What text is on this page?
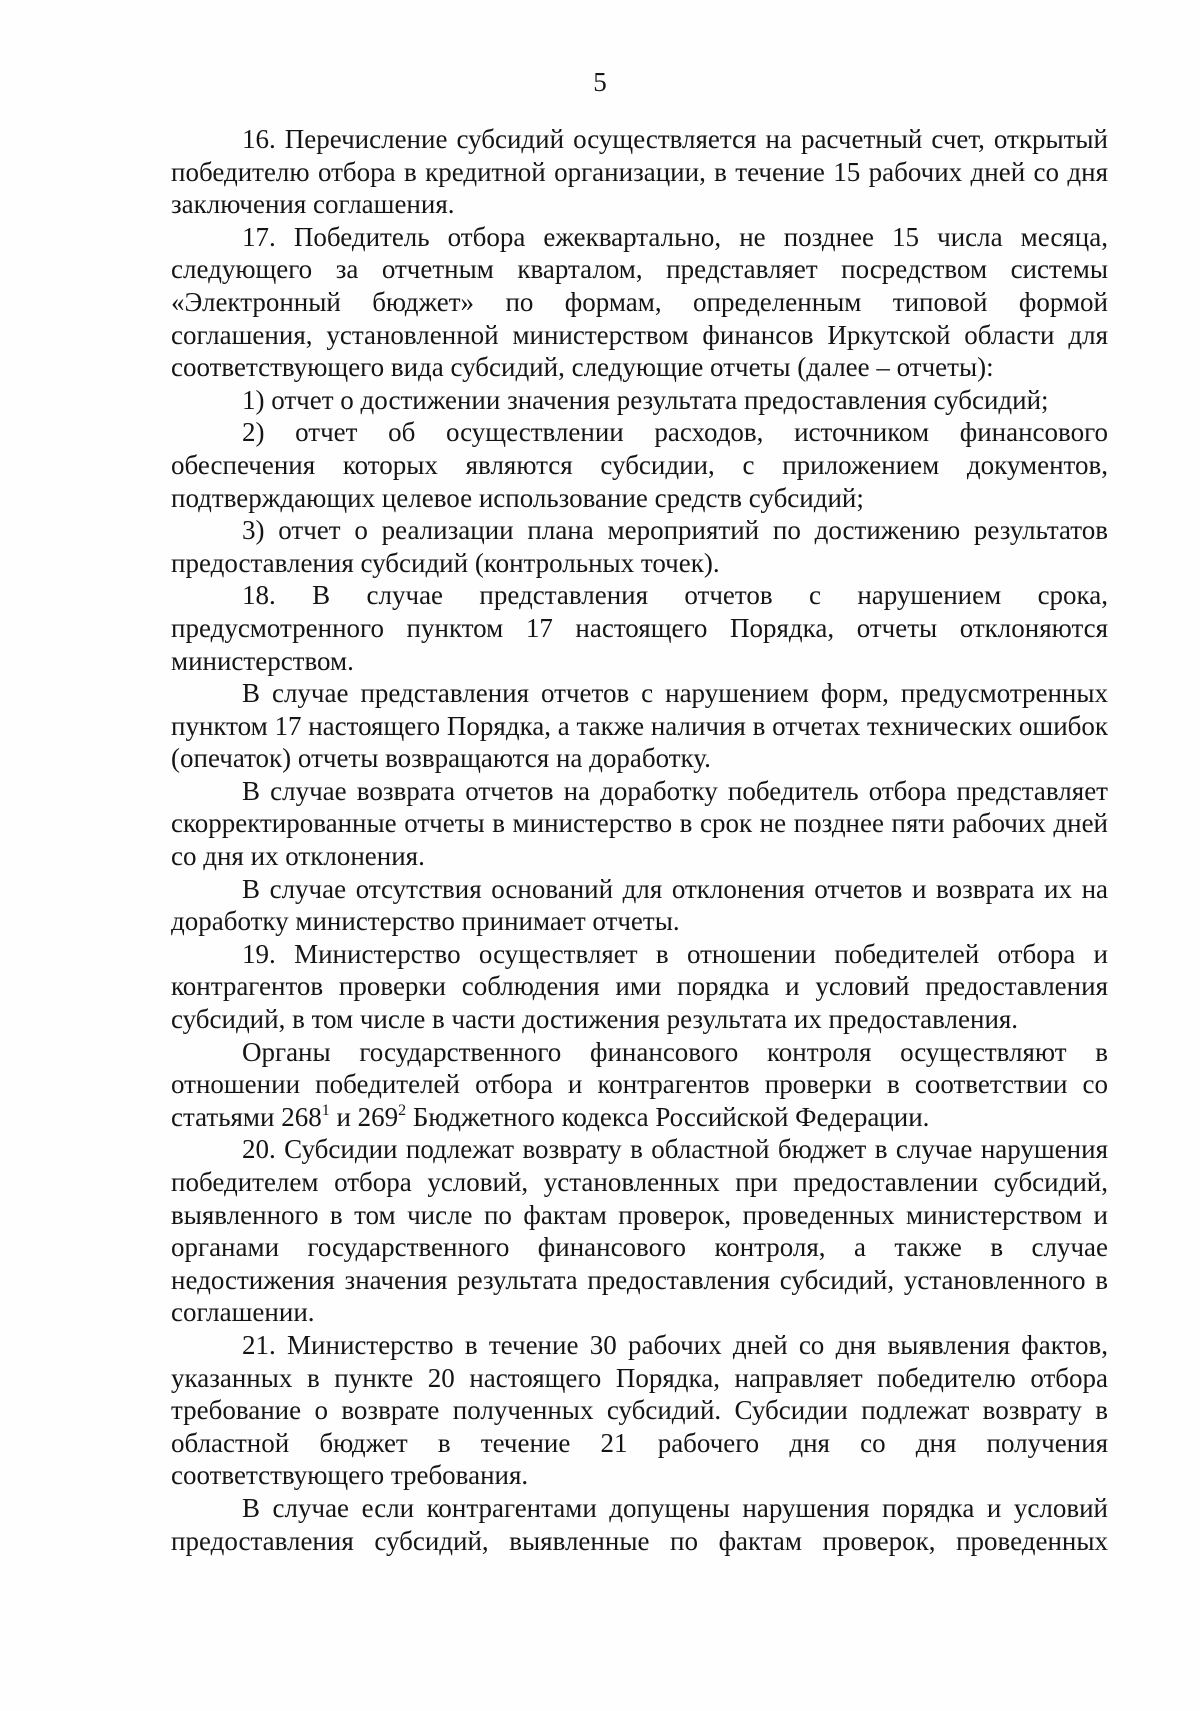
5

16. Перечисление субсидий осуществляется на расчетный счет, открытый победителю отбора в кредитной организации, в течение 15 рабочих дней со дня заключения соглашения.

17. Победитель отбора ежеквартально, не позднее 15 числа месяца, следующего за отчетным кварталом, представляет посредством системы «Электронный бюджет» по формам, определенным типовой формой соглашения, установленной министерством финансов Иркутской области для соответствующего вида субсидий, следующие отчеты (далее – отчеты):

1) отчет о достижении значения результата предоставления субсидий;

2) отчет об осуществлении расходов, источником финансового обеспечения которых являются субсидии, с приложением документов, подтверждающих целевое использование средств субсидий;

3) отчет о реализации плана мероприятий по достижению результатов предоставления субсидий (контрольных точек).

18. В случае представления отчетов с нарушением срока, предусмотренного пунктом 17 настоящего Порядка, отчеты отклоняются министерством.

В случае представления отчетов с нарушением форм, предусмотренных пунктом 17 настоящего Порядка, а также наличия в отчетах технических ошибок (опечаток) отчеты возвращаются на доработку.

В случае возврата отчетов на доработку победитель отбора представляет скорректированные отчеты в министерство в срок не позднее пяти рабочих дней со дня их отклонения.

В случае отсутствия оснований для отклонения отчетов и возврата их на доработку министерство принимает отчеты.

19. Министерство осуществляет в отношении победителей отбора и контрагентов проверки соблюдения ими порядка и условий предоставления субсидий, в том числе в части достижения результата их предоставления.

Органы государственного финансового контроля осуществляют в отношении победителей отбора и контрагентов проверки в соответствии со статьями $268^1$ и $269^2$ Бюджетного кодекса Российской Федерации.

20. Субсидии подлежат возврату в областной бюджет в случае нарушения победителем отбора условий, установленных при предоставлении субсидий, выявленного в том числе по фактам проверок, проведенных министерством и органами государственного финансового контроля, а также в случае недостижения значения результата предоставления субсидий, установленного в соглашении.

21. Министерство в течение 30 рабочих дней со дня выявления фактов, указанных в пункте 20 настоящего Порядка, направляет победителю отбора требование о возврате полученных субсидий. Субсидии подлежат возврату в областной бюджет в течение 21 рабочего дня со дня получения соответствующего требования.

В случае если контрагентами допущены нарушения порядка и условий предоставления субсидий, выявленные по фактам проверок, проведенных
